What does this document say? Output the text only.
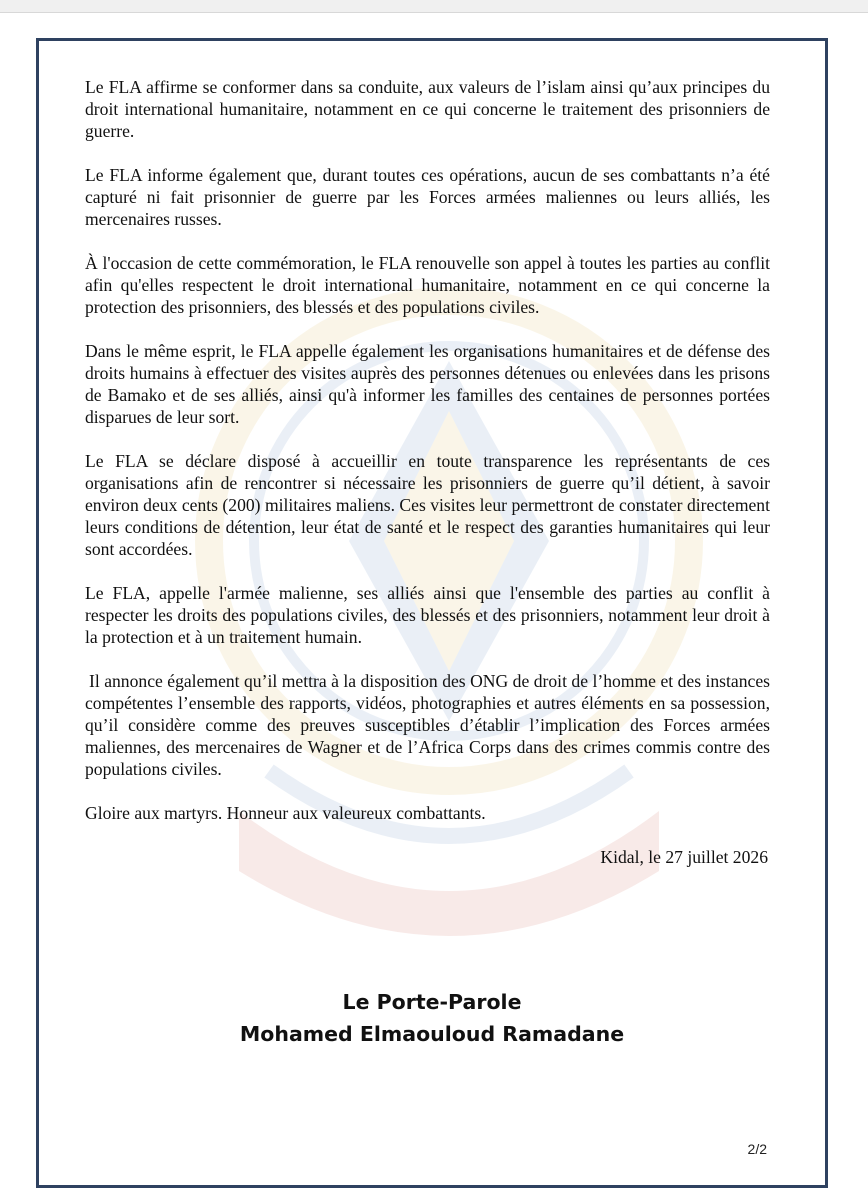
Le FLA affirme se conformer dans sa conduite, aux valeurs de l’islam ainsi qu’aux principes du droit international humanitaire, notamment en ce qui concerne le traitement des prisonniers de guerre.

Le FLA informe également que, durant toutes ces opérations, aucun de ses combattants n’a été capturé ni fait prisonnier de guerre par les Forces armées maliennes ou leurs alliés, les mercenaires russes.

À l'occasion de cette commémoration, le FLA renouvelle son appel à toutes les parties au conflit afin qu'elles respectent le droit international humanitaire, notamment en ce qui concerne la protection des prisonniers, des blessés et des populations civiles.

Dans le même esprit, le FLA appelle également les organisations humanitaires et de défense des droits humains à effectuer des visites auprès des personnes détenues ou enlevées dans les prisons de Bamako et de ses alliés, ainsi qu'à informer les familles des centaines de personnes portées disparues de leur sort.

Le FLA se déclare disposé à accueillir en toute transparence les représentants de ces organisations afin de rencontrer si nécessaire les prisonniers de guerre qu’il détient, à savoir environ deux cents (200) militaires maliens. Ces visites leur permettront de constater directement leurs conditions de détention, leur état de santé et le respect des garanties humanitaires qui leur sont accordées.

Le FLA, appelle l'armée malienne, ses alliés ainsi que l'ensemble des parties au conflit à respecter les droits des populations civiles, des blessés et des prisonniers, notamment leur droit à la protection et à un traitement humain.

Il annonce également qu’il mettra à la disposition des ONG de droit de l’homme et des instances compétentes l’ensemble des rapports, vidéos, photographies et autres éléments en sa possession, qu’il considère comme des preuves susceptibles d’établir l’implication des Forces armées maliennes, des mercenaires de Wagner et de l’Africa Corps dans des crimes commis contre des populations civiles.

Gloire aux martyrs. Honneur aux valeureux combattants.

Kidal, le 27 juillet 2026

Le Porte-Parole
Mohamed Elmaouloud Ramadane
2/2
